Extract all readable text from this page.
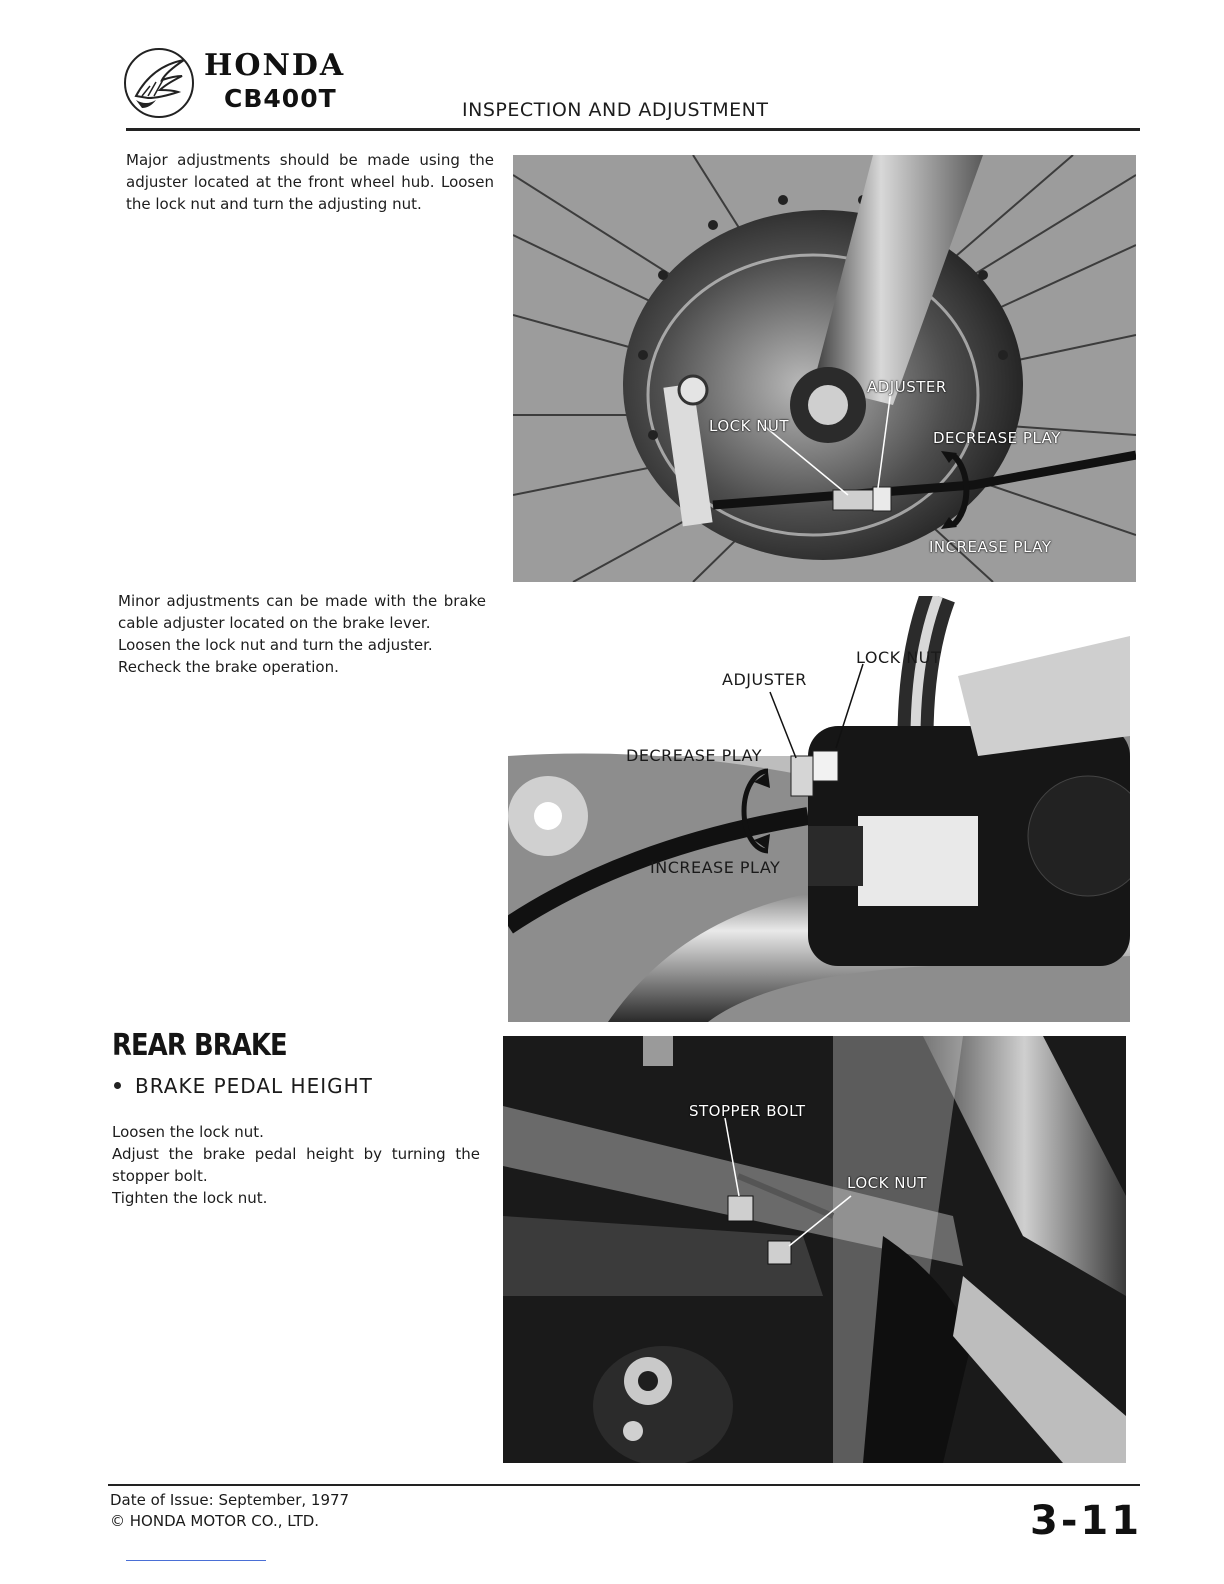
HONDA
CB400T	INSPECTION AND ADJUSTMENT

Major adjustments should be made using the adjuster located at the front wheel hub. Loosen the lock nut and turn the adjusting nut.

ADJUSTER
LOCK NUT
DECREASE PLAY
INCREASE PLAY

Minor adjustments can be made with the brake cable adjuster located on the brake lever.

Loosen the lock nut and turn the adjuster.

Recheck the brake operation.	LOCK NUT
ADJUSTER
DECREASE PLAY
INCREASE PLAY
REAR BRAKE
BRAKE PEDAL HEIGHT

Loosen the lock nut.

Adjust the brake pedal height by turning the stopper bolt.

Tighten the lock nut.

STOPPER BOLT
LOCK NUT
Date of Issue: September, 1977
© HONDA MOTOR CO., LTD.	3-11
